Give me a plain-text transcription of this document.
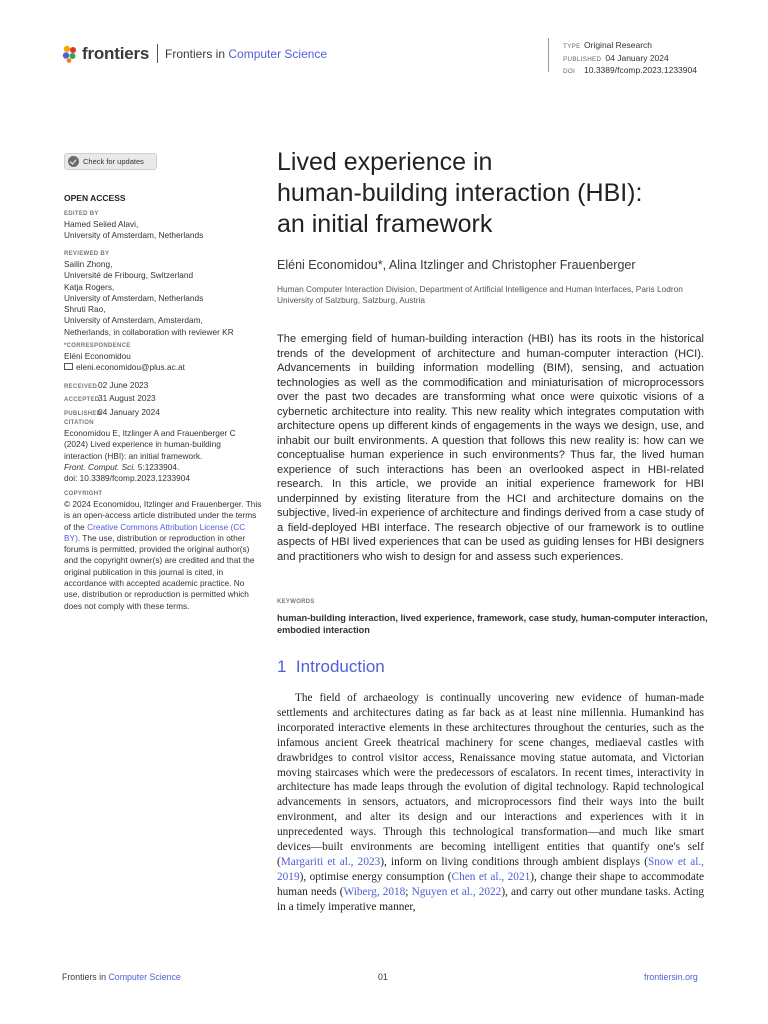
frontiers Frontiers in Computer Science
TYPE Original Research
PUBLISHED 04 January 2024
DOI 10.3389/fcomp.2023.1233904
Check for updates
OPEN ACCESS
EDITED BY
Hamed Seiied Alavi,
University of Amsterdam, Netherlands
REVIEWED BY
Sailin Zhong,
Université de Fribourg, Switzerland
Katja Rogers,
University of Amsterdam, Netherlands
Shruti Rao,
University of Amsterdam, Amsterdam,
Netherlands, in collaboration with reviewer KR
*CORRESPONDENCE
Eléni Economidou
eleni.economidou@plus.ac.at
RECEIVED02 June 2023
ACCEPTED31 August 2023
PUBLISHED04 January 2024
CITATION
Economidou E, Itzlinger A and Frauenberger C
(2024) Lived experience in human-building
interaction (HBI): an initial framework.
Front. Comput. Sci. 5:1233904.
doi: 10.3389/fcomp.2023.1233904
COPYRIGHT
© 2024 Economidou, Itzlinger and Frauenberger. This is an open-access article distributed under the terms of the Creative Commons Attribution License (CC BY). The use, distribution or reproduction in other forums is permitted, provided the original author(s) and the copyright owner(s) are credited and that the original publication in this journal is cited, in accordance with accepted academic practice. No use, distribution or reproduction is permitted which does not comply with these terms.
Lived experience in
human-building interaction (HBI):
an initial framework
Eléni Economidou*, Alina Itzlinger and Christopher Frauenberger
Human Computer Interaction Division, Department of Artificial Intelligence and Human Interfaces, Paris Lodron University of Salzburg, Salzburg, Austria

The emerging field of human-building interaction (HBI) has its roots in the historical trends of the development of architecture and human-computer interaction (HCI). Advancements in building information modelling (BIM), sensing, and actuation technologies as well as the commodification and miniaturisation of microprocessors over the past two decades are transforming what once were quixotic visions of a cybernetic architecture into reality. This new reality which integrates computation with architecture opens up different kinds of engagements in the ways we design, use, and inhabit our built environments. A question that follows this new reality is: how can we conceptualise human experience in such environments? Thus far, the lived human experience of such interactions has been an overlooked aspect in HBI-related research. In this article, we provide an initial experience framework for HBI underpinned by existing literature from the HCI and architecture domains on the subjective, lived-in experience of architecture and findings derived from a case study of a field-deployed HBI interface. The research objective of our framework is to outline aspects of HBI lived experiences that can be used as guiding lenses for HBI designers and practitioners who wish to design for and assess such experiences.

KEYWORDS
human-building interaction, lived experience, framework, case study, human-computer interaction, embodied interaction
1 Introduction

The field of archaeology is continually uncovering new evidence of human-made settlements and architectures dating as far back as at least nine millennia. Humankind has incorporated interactive elements in these architectures throughout the centuries, such as the infamous ancient Greek theatrical machinery for scene changes, mediaeval castles with drawbridges to control visitor access, Renaissance moving statue automata, and Victorian moving staircases which were the predecessors of escalators. In recent times, interactivity in architecture has made leaps through the evolution of digital technology. Rapid technological advancements in sensors, actuators, and microprocessors find their ways into the built environment, and alter its design and our interactions and experiences with it in unprecedented ways. Through this technological transformation—and much like smart devices—built environments are becoming intelligent entities that quantify one's self (Margariti et al., 2023), inform on living conditions through ambient displays (Snow et al., 2019), optimise energy consumption (Chen et al., 2021), change their shape to accommodate human needs (Wiberg, 2018; Nguyen et al., 2022), and carry out other mundane tasks. Acting in a timely imperative manner,

Frontiers in Computer Science	01	frontiersin.org
